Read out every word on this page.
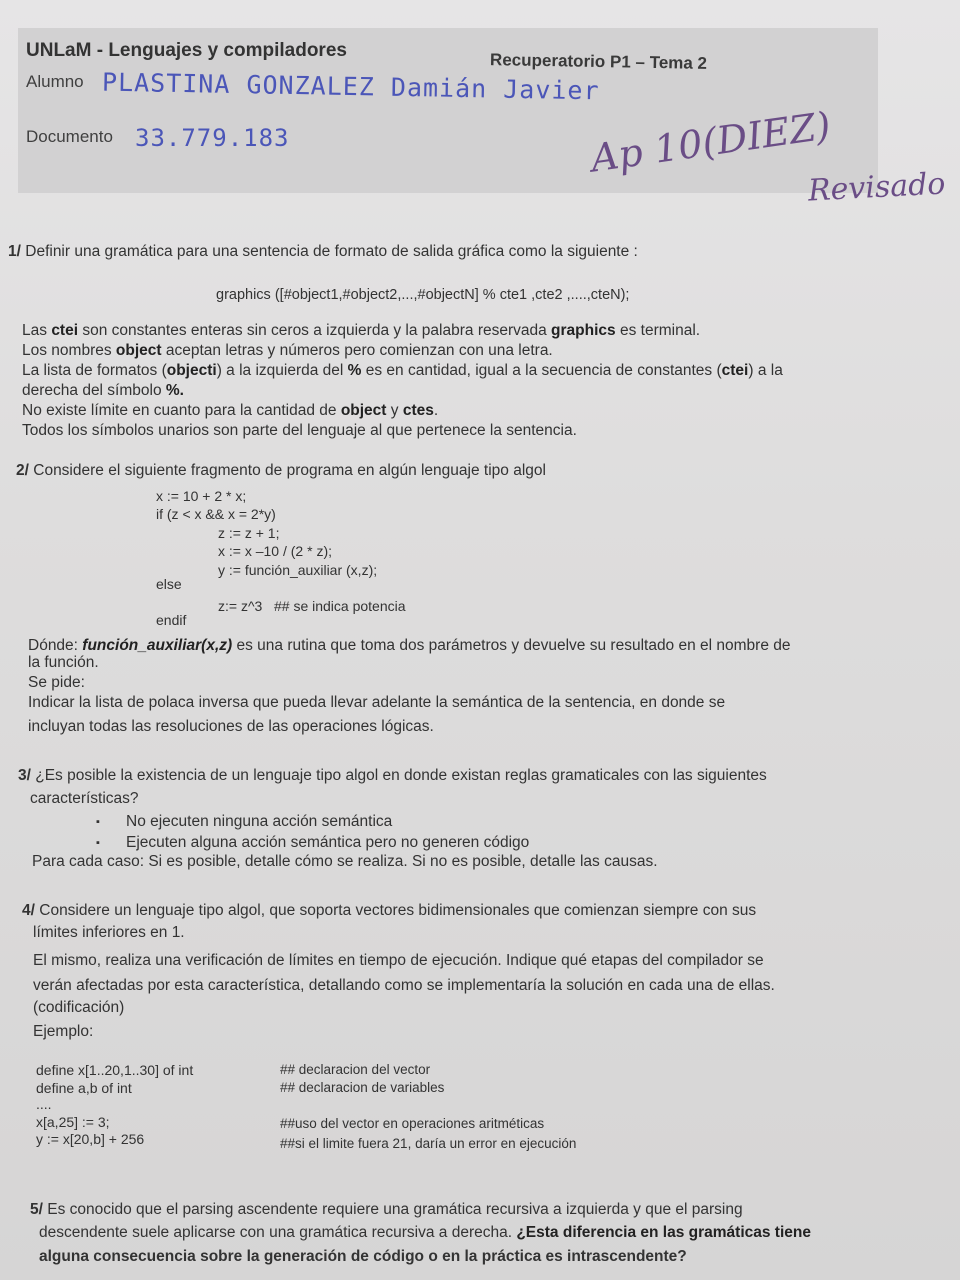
UNLaM - Lenguajes y compiladores	Recuperatorio P1 – Tema 2
Alumno PLASTINA GONZALEZ Damián Javier
Documento 33.779.183	Ap 10(DIEZ)
Revisado
1/ Definir una gramática para una sentencia de formato de salida gráfica como la siguiente :
graphics ([#object1,#object2,...,#objectN] % cte1 ,cte2 ,....,cteN);
Las ctei son constantes enteras sin ceros a izquierda y la palabra reservada graphics es terminal.
Los nombres object aceptan letras y números pero comienzan con una letra.
La lista de formatos (objecti) a la izquierda del % es en cantidad, igual a la secuencia de constantes (ctei) a la
derecha del símbolo %.
No existe límite en cuanto para la cantidad de object y ctes.
Todos los símbolos unarios son parte del lenguaje al que pertenece la sentencia.
2/ Considere el siguiente fragmento de programa en algún lenguaje tipo algol
x := 10 + 2 * x;
if (z < x && x = 2*y)
z := z + 1;
x := x –10 / (2 * z);
y := función_auxiliar (x,z);
else
z:= z^3   ## se indica potencia
endif
Dónde: función_auxiliar(x,z) es una rutina que toma dos parámetros y devuelve su resultado en el nombre de
la función.
Se pide:
Indicar la lista de polaca inversa que pueda llevar adelante la semántica de la sentencia, en donde se
incluyan todas las resoluciones de las operaciones lógicas.
3/ ¿Es posible la existencia de un lenguaje tipo algol en donde existan reglas gramaticales con las siguientes
características?
▪ No ejecuten ninguna acción semántica
▪ Ejecuten alguna acción semántica pero no generen código
Para cada caso: Si es posible, detalle cómo se realiza. Si no es posible, detalle las causas.
4/ Considere un lenguaje tipo algol, que soporta vectores bidimensionales que comienzan siempre con sus
límites inferiores en 1.
El mismo, realiza una verificación de límites en tiempo de ejecución. Indique qué etapas del compilador se
verán afectadas por esta característica, detallando como se implementaría la solución en cada una de ellas.
(codificación)
Ejemplo:
define x[1..20,1..30] of int	## declaracion del vector
define a,b of int	## declaracion de variables
....
x[a,25] := 3;	##uso del vector en operaciones aritméticas
y := x[20,b] + 256	##si el limite fuera 21, daría un error en ejecución
5/ Es conocido que el parsing ascendente requiere una gramática recursiva a izquierda y que el parsing
descendente suele aplicarse con una gramática recursiva a derecha. ¿Esta diferencia en las gramáticas tiene
alguna consecuencia sobre la generación de código o en la práctica es intrascendente?
